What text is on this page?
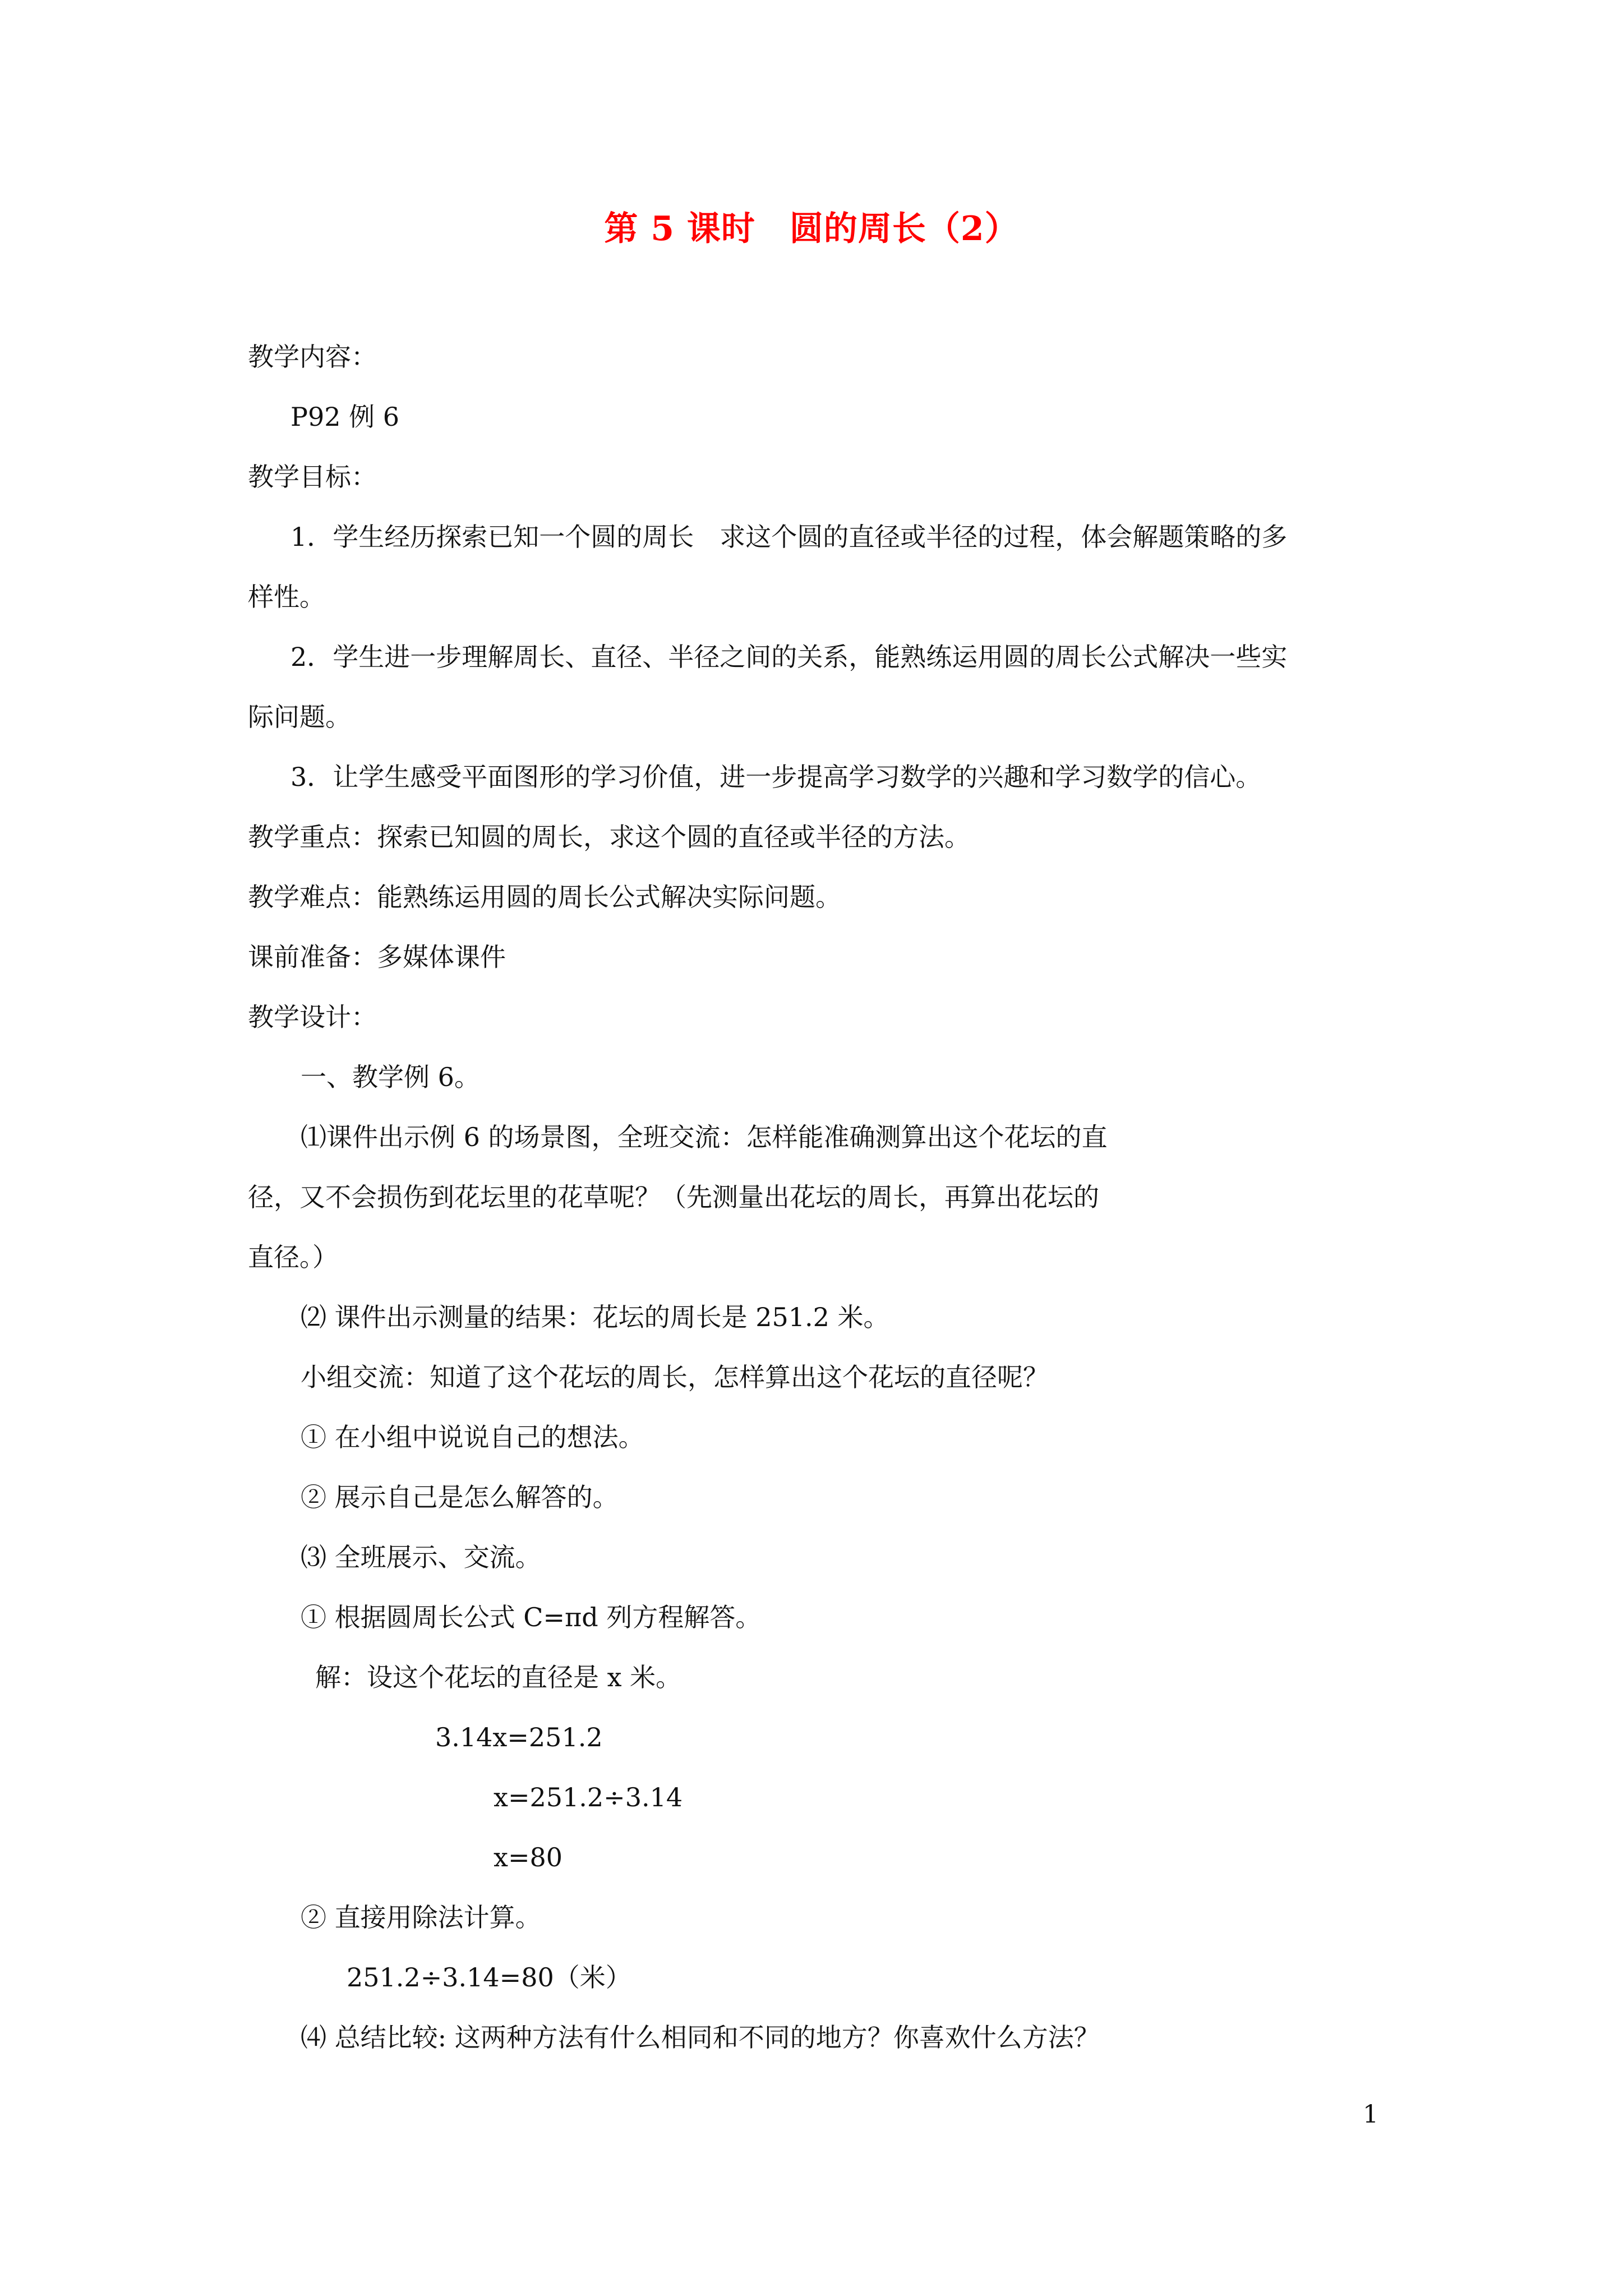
第 5 课时　圆的周长（2）
教学内容：
P92 例 6
教学目标：
1．学生经历探索已知一个圆的周长　求这个圆的直径或半径的过程，体会解题策略的多
样性。
2．学生进一步理解周长、直径、半径之间的关系，能熟练运用圆的周长公式解决一些实
际问题。
3．让学生感受平面图形的学习价值，进一步提高学习数学的兴趣和学习数学的信心。
教学重点：探索已知圆的周长，求这个圆的直径或半径的方法。
教学难点：能熟练运用圆的周长公式解决实际问题。
课前准备：多媒体课件
教学设计：
一、教学例 6。
⑴课件出示例 6 的场景图，全班交流：怎样能准确测算出这个花坛的直
径，又不会损伤到花坛里的花草呢？（先测量出花坛的周长，再算出花坛的
直径。）
⑵ 课件出示测量的结果：花坛的周长是 251.2 米。
小组交流：知道了这个花坛的周长，怎样算出这个花坛的直径呢？
① 在小组中说说自己的想法。
② 展示自己是怎么解答的。
⑶ 全班展示、交流。
① 根据圆周长公式 C=πd 列方程解答。
解：设这个花坛的直径是 x 米。
3.14x=251.2
x=251.2÷3.14
x=80
② 直接用除法计算。
251.2÷3.14=80（米）
⑷ 总结比较: 这两种方法有什么相同和不同的地方？你喜欢什么方法？
1
